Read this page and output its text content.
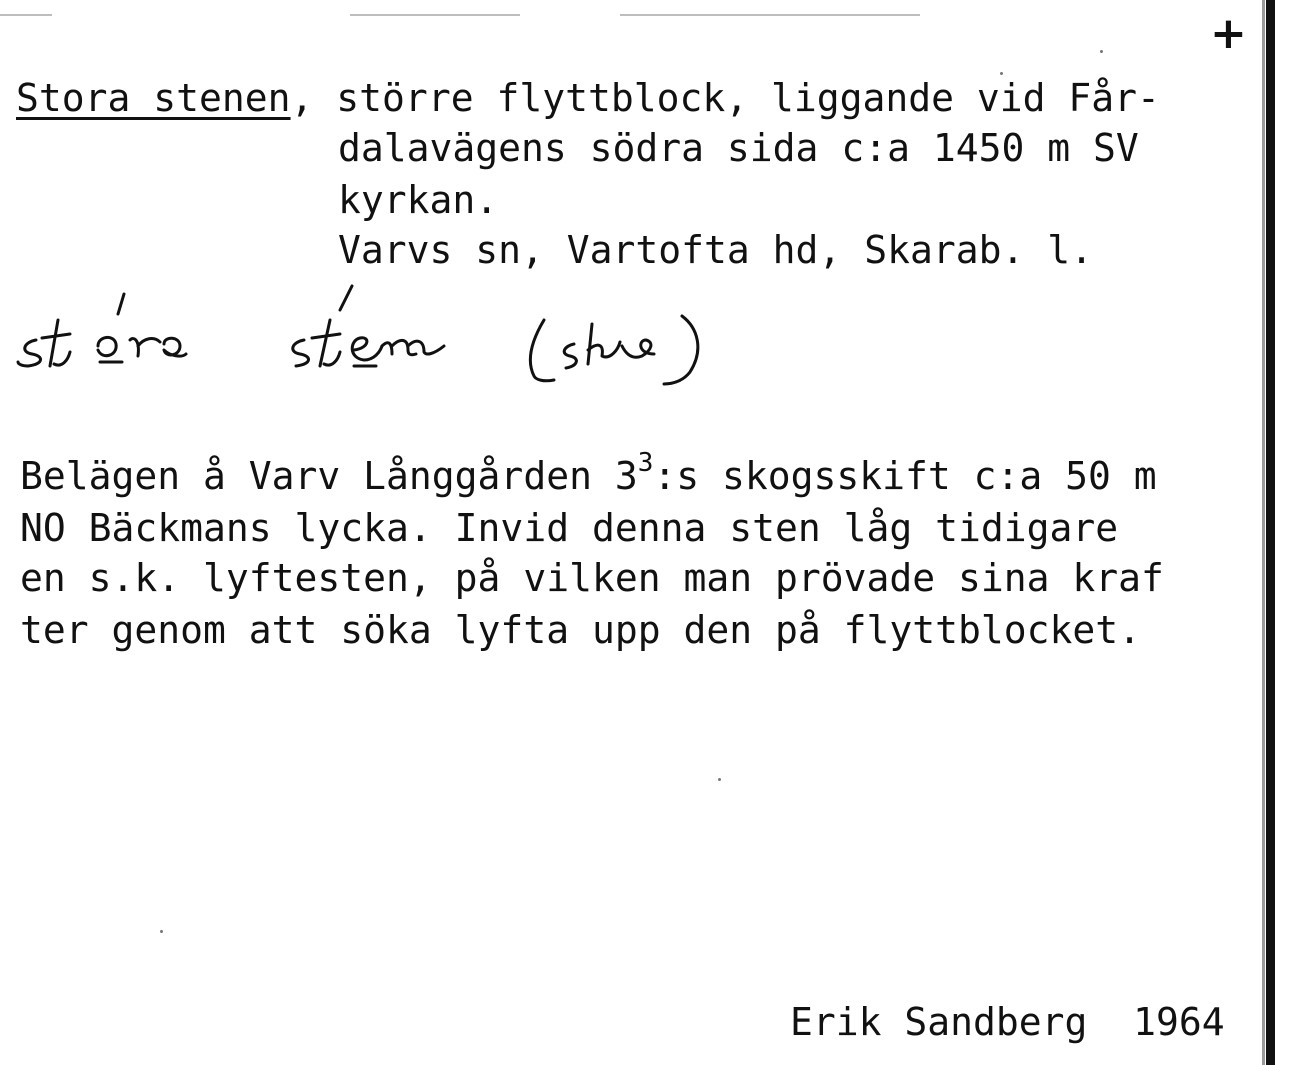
+
Stora stenen, större flyttblock, liggande vid Får-
dalavägens södra sida c:a 1450 m SV
kyrkan.
Varvs sn, Vartofta hd, Skarab. l.
Belägen å Varv Långgården $3^3:s$ skogsskift c:a 50 m
NO Bäckmans lycka. Invid denna sten låg tidigare
en s.k. lyftesten, på vilken man prövade sina kraf
ter genom att söka lyfta upp den på flyttblocket.
Erik Sandberg  1964
